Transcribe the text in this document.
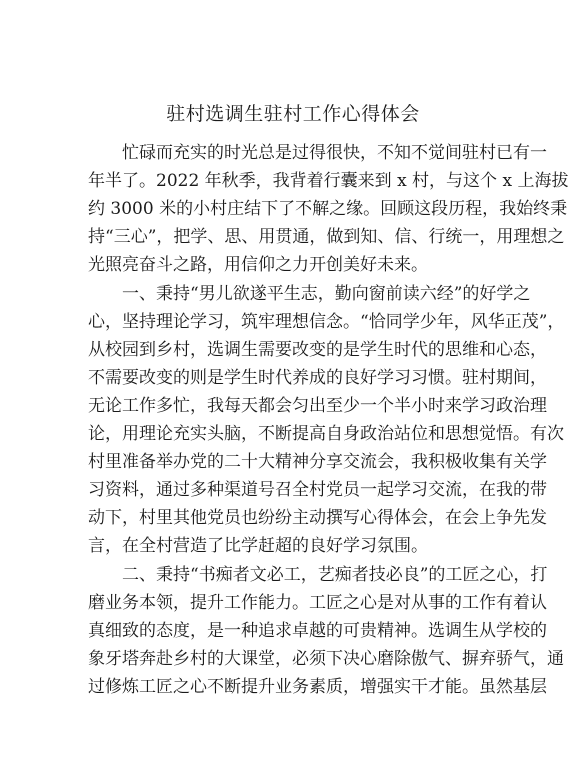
驻村选调生驻村工作心得体会
　　忙碌而充实的时光总是过得很快，不知不觉间驻村已有一
年半了。2022 年秋季，我背着行囊来到 x 村，与这个 x 上海拔
约 3000 米的小村庄结下了不解之缘。回顾这段历程，我始终秉
持“三心”，把学、思、用贯通，做到知、信、行统一，用理想之
光照亮奋斗之路，用信仰之力开创美好未来。
　　一、秉持“男儿欲遂平生志，勤向窗前读六经”的好学之
心，坚持理论学习，筑牢理想信念。“恰同学少年，风华正茂”，
从校园到乡村，选调生需要改变的是学生时代的思维和心态，
不需要改变的则是学生时代养成的良好学习习惯。驻村期间，
无论工作多忙，我每天都会匀出至少一个半小时来学习政治理
论，用理论充实头脑，不断提高自身政治站位和思想觉悟。有次
村里准备举办党的二十大精神分享交流会，我积极收集有关学
习资料，通过多种渠道号召全村党员一起学习交流，在我的带
动下，村里其他党员也纷纷主动撰写心得体会，在会上争先发
言，在全村营造了比学赶超的良好学习氛围。
　　二、秉持“书痴者文必工，艺痴者技必良”的工匠之心，打
磨业务本领，提升工作能力。工匠之心是对从事的工作有着认
真细致的态度，是一种追求卓越的可贵精神。选调生从学校的
象牙塔奔赴乡村的大课堂，必须下决心磨除傲气、摒弃骄气，通
过修炼工匠之心不断提升业务素质，增强实干才能。虽然基层
